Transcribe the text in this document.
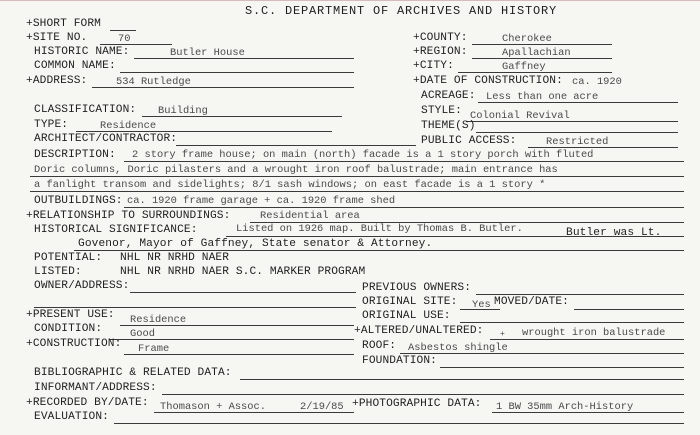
S.C. DEPARTMENT OF ARCHIVES AND HISTORY
+SHORT FORM
+SITE NO.	70	+COUNTY:	Cherokee
HISTORIC NAME:	Butler House	+REGION:	Apallachian
COMMON NAME:	+CITY:	Gaffney
+ADDRESS:	534 Rutledge	+DATE OF CONSTRUCTION: ca. 1920
ACREAGE: Less than one acre
CLASSIFICATION: Building	STYLE: Colonial Revival
TYPE:	Residence	THEME(S)
ARCHITECT/CONTRACTOR:	PUBLIC ACCESS:	Restricted
DESCRIPTION: 2 story frame house; on main (north) facade is a 1 story porch with fluted
Doric columns, Doric pilasters and a wrought iron roof balustrade; main entrance has
a fanlight transom and sidelights; 8/1 sash windows; on east facade is a 1 story *
OUTBUILDINGS: ca. 1920 frame garage + ca. 1920 frame shed
+RELATIONSHIP TO SURROUNDINGS:	Residential area
HISTORICAL SIGNIFICANCE:	Listed on 1926 map. Built by Thomas B. Butler.	Butler was Lt.
Govenor, Mayor of Gaffney, State senator & Attorney.
POTENTIAL: NHL NR NRHD NAER
LISTED:	NHL NR NRHD NAER S.C. MARKER PROGRAM
OWNER/ADDRESS:	PREVIOUS OWNERS:
ORIGINAL SITE: Yes MOVED/DATE:
ORIGINAL USE:
+PRESENT USE: Residence
CONDITION:	Good	+ALTERED/UNALTERED: + wrought iron balustrade
+CONSTRUCTION: Frame	ROOF: Asbestos shingle
FOUNDATION:
BIBLIOGRAPHIC & RELATED DATA:
INFORMANT/ADDRESS:
+RECORDED BY/DATE: Thomason + Assoc.	2/19/85 +PHOTOGRAPHIC DATA: 1 BW 35mm Arch-History
EVALUATION:
